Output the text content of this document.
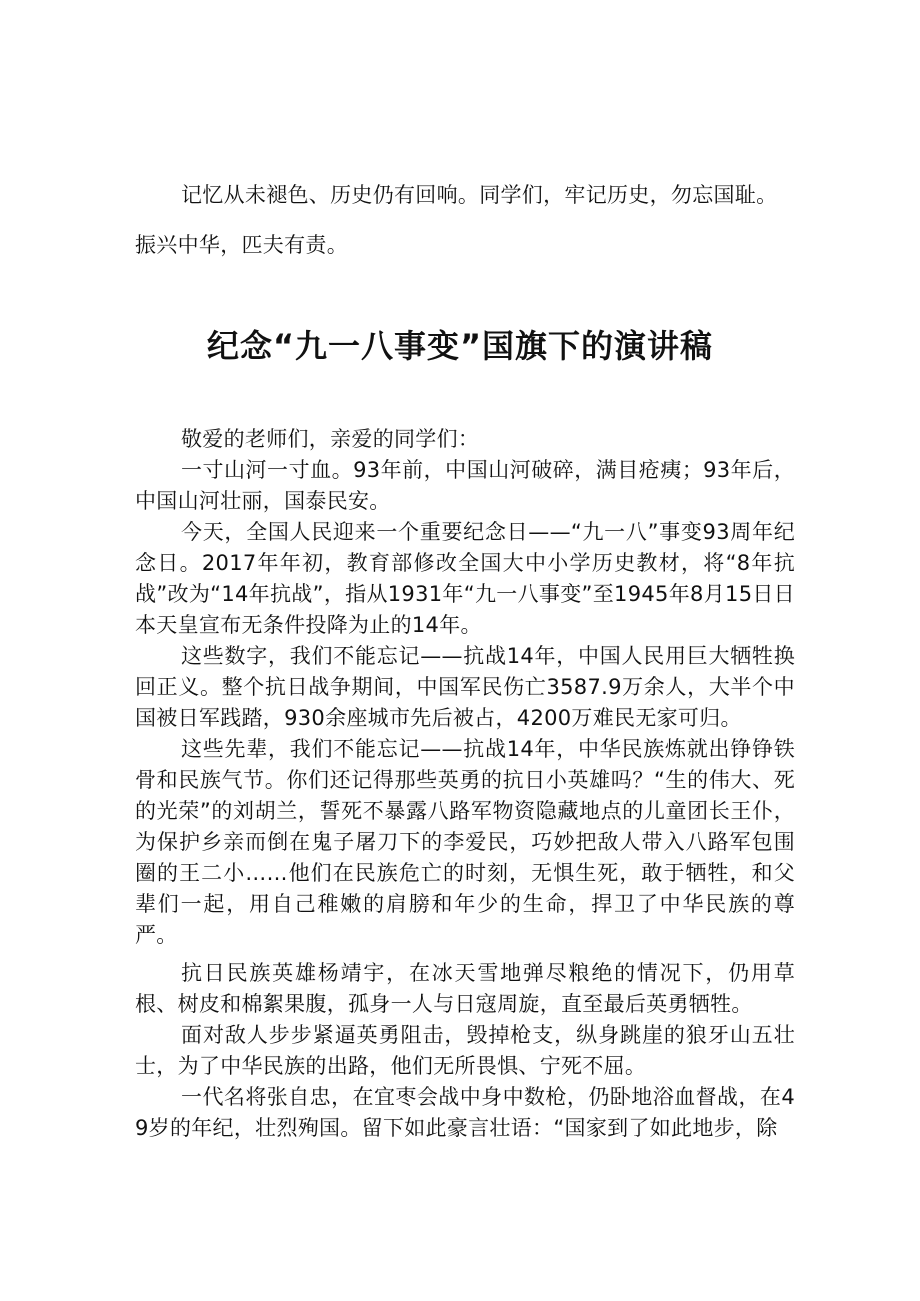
记忆从未褪色、历史仍有回响。同学们，牢记历史，勿忘国耻。

振兴中华，匹夫有责。

纪念“九一八事变”国旗下的演讲稿

敬爱的老师们，亲爱的同学们：

一寸山河一寸血。93年前，中国山河破碎，满目疮痍；93年后，中国山河壮丽，国泰民安。

今天，全国人民迎来一个重要纪念日——“九一八”事变93周年纪念日。2017年年初，教育部修改全国大中小学历史教材，将“8年抗战”改为“14年抗战”，指从1931年“九一八事变”至1945年8月15日日本天皇宣布无条件投降为止的14年。

这些数字，我们不能忘记——抗战14年，中国人民用巨大牺牲换回正义。整个抗日战争期间，中国军民伤亡3587.9万余人，大半个中国被日军践踏，930余座城市先后被占，4200万难民无家可归。

这些先辈，我们不能忘记——抗战14年，中华民族炼就出铮铮铁骨和民族气节。你们还记得那些英勇的抗日小英雄吗？“生的伟大、死的光荣”的刘胡兰，誓死不暴露八路军物资隐藏地点的儿童团长王仆，为保护乡亲而倒在鬼子屠刀下的李爱民，巧妙把敌人带入八路军包围圈的王二小……他们在民族危亡的时刻，无惧生死，敢于牺牲，和父辈们一起，用自己稚嫩的肩膀和年少的生命，捍卫了中华民族的尊严。

抗日民族英雄杨靖宇，在冰天雪地弹尽粮绝的情况下，仍用草根、树皮和棉絮果腹，孤身一人与日寇周旋，直至最后英勇牺牲。

面对敌人步步紧逼英勇阻击，毁掉枪支，纵身跳崖的狼牙山五壮士，为了中华民族的出路，他们无所畏惧、宁死不屈。

一代名将张自忠，在宜枣会战中身中数枪，仍卧地浴血督战，在49岁的年纪，壮烈殉国。留下如此豪言壮语：“国家到了如此地步，除
